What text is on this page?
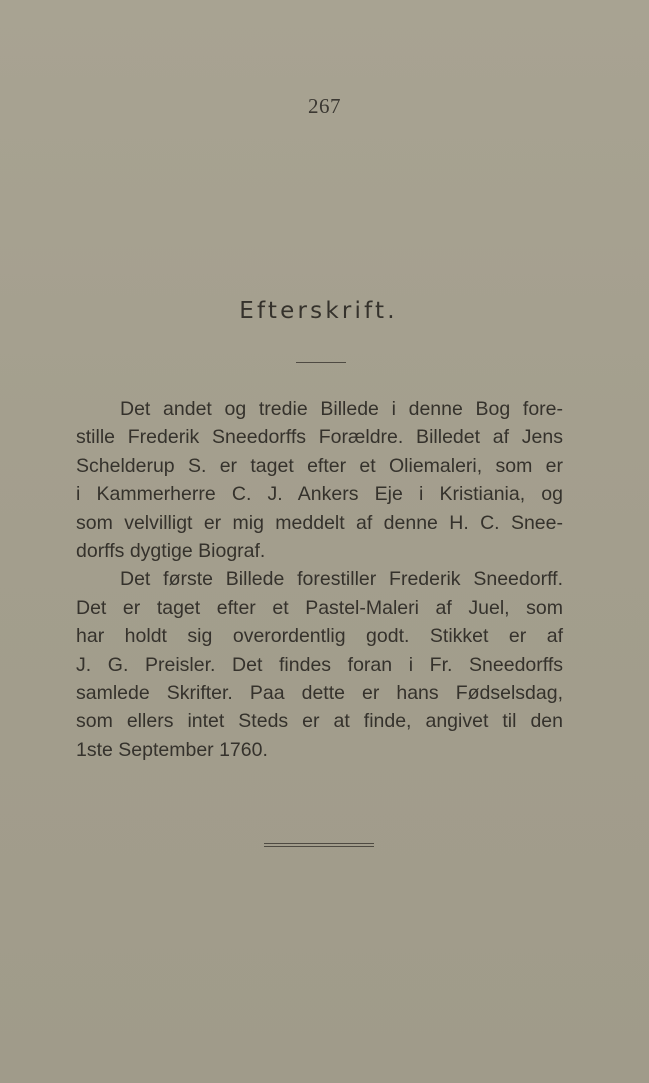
267
Efterskrift.
Det andet og tredie Billede i denne Bog fore-
stille Frederik Sneedorffs Forældre. Billedet af Jens
Schelderup S. er taget efter et Oliemaleri, som er
i Kammerherre C. J. Ankers Eje i Kristiania, og
som velvilligt er mig meddelt af denne H. C. Snee-
dorffs dygtige Biograf.
Det første Billede forestiller Frederik Sneedorff.
Det er taget efter et Pastel-Maleri af Juel, som
har holdt sig overordentlig godt. Stikket er af
J. G. Preisler. Det findes foran i Fr. Sneedorffs
samlede Skrifter. Paa dette er hans Fødselsdag,
som ellers intet Steds er at finde, angivet til den
1ste September 1760.
